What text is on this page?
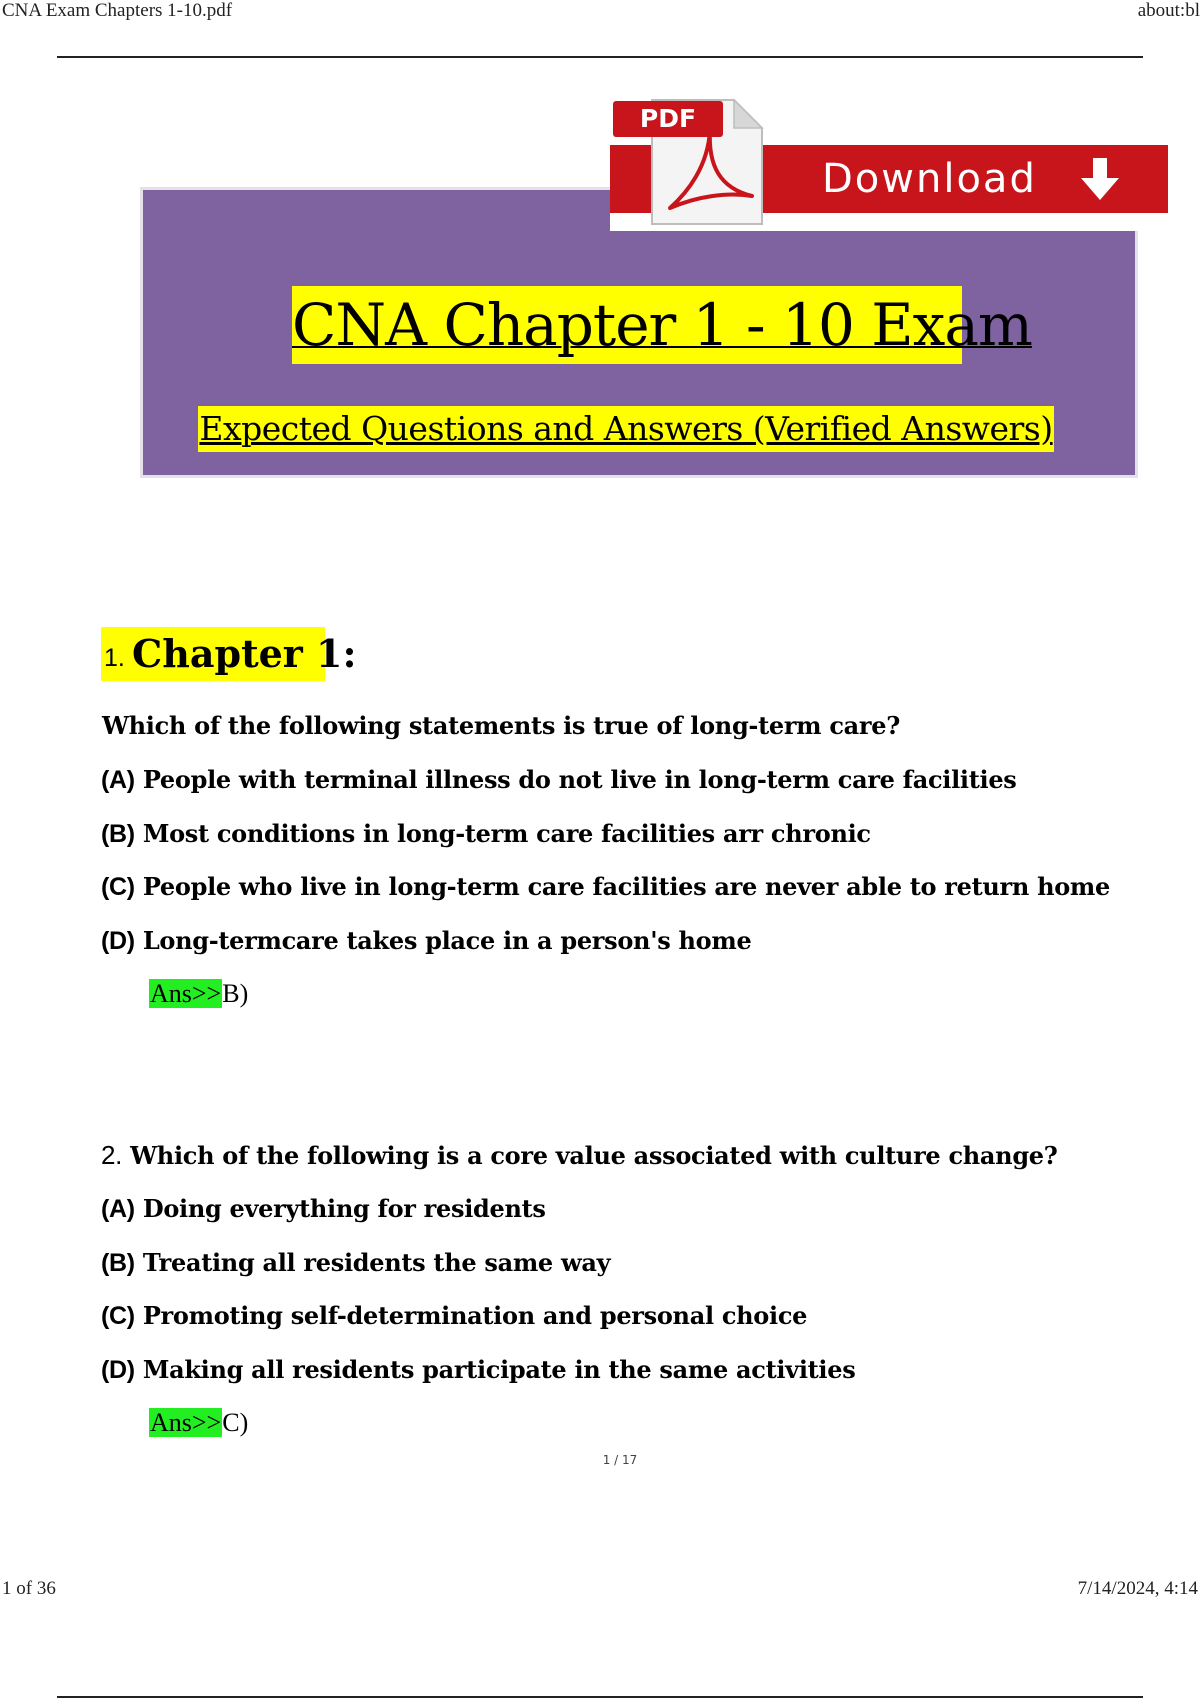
CNA Exam Chapters 1-10.pdf	about:bl
Download
PDF
CNA Chapter 1 - 10 Exam
Expected Questions and Answers (Verified Answers)
1. Chapter 1:
Which of the following statements is true of long-term care?
(A) People with terminal illness do not live in long-term care facilities
(B) Most conditions in long-term care facilities arr chronic
(C) People who live in long-term care facilities are never able to return home
(D) Long-termcare takes place in a person's home
Ans>>B)
2. Which of the following is a core value associated with culture change?
(A) Doing everything for residents
(B) Treating all residents the same way
(C) Promoting self-determination and personal choice
(D) Making all residents participate in the same activities
Ans>>C)
1 / 17
1 of 36	7/14/2024, 4:14
